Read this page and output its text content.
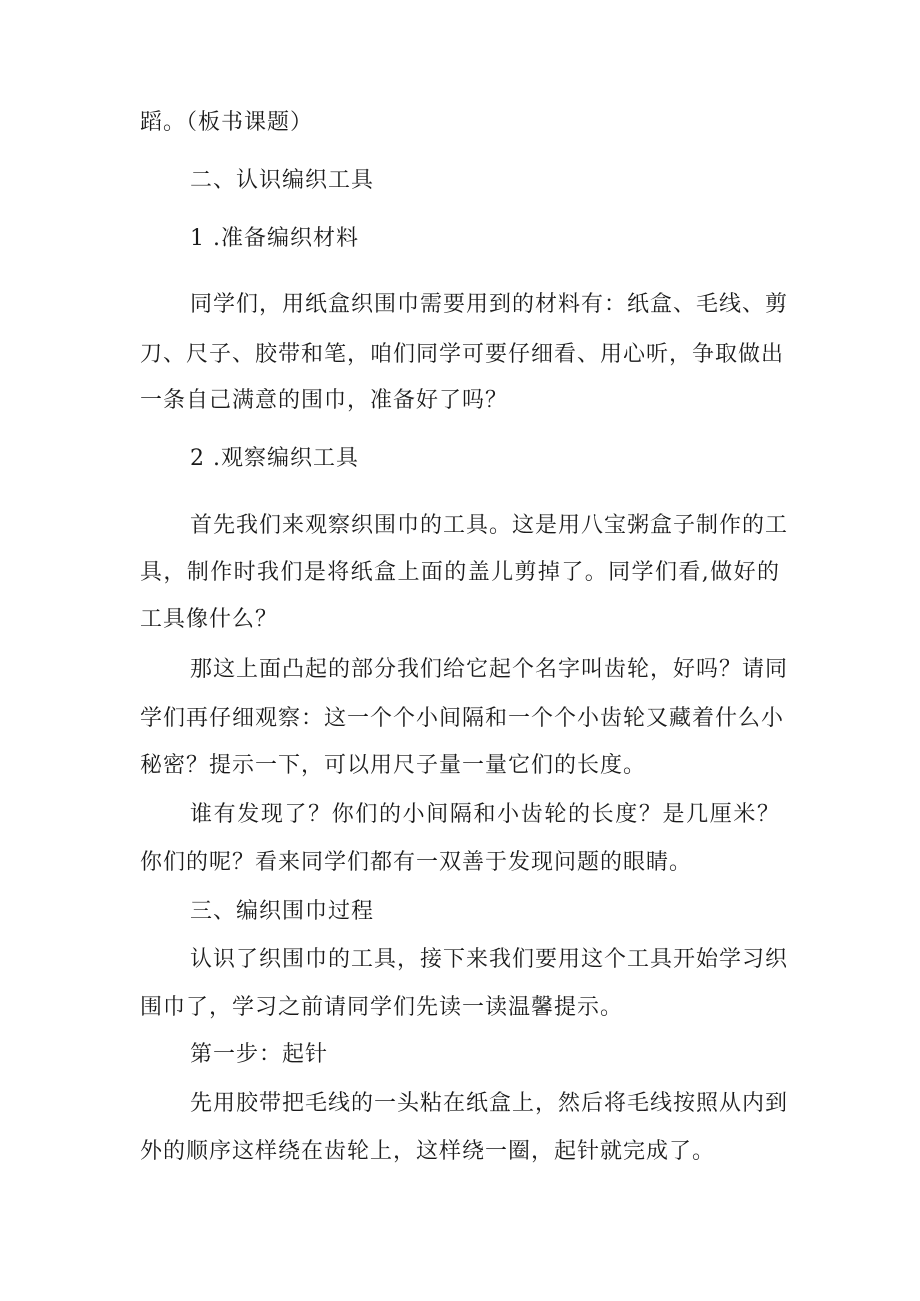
蹈。（板书课题）
二、认识编织工具
1 .准备编织材料
同学们，用纸盒织围巾需要用到的材料有：纸盒、毛线、剪
刀、尺子、胶带和笔，咱们同学可要仔细看、用心听，争取做出
一条自己满意的围巾，准备好了吗？
2 .观察编织工具
首先我们来观察织围巾的工具。这是用八宝粥盒子制作的工
具，制作时我们是将纸盒上面的盖儿剪掉了。同学们看,做好的
工具像什么？
那这上面凸起的部分我们给它起个名字叫齿轮，好吗？请同
学们再仔细观察：这一个个小间隔和一个个小齿轮又藏着什么小
秘密？提示一下，可以用尺子量一量它们的长度。
谁有发现了？你们的小间隔和小齿轮的长度？是几厘米？
你们的呢？看来同学们都有一双善于发现问题的眼睛。
三、编织围巾过程
认识了织围巾的工具，接下来我们要用这个工具开始学习织
围巾了，学习之前请同学们先读一读温馨提示。
第一步：起针
先用胶带把毛线的一头粘在纸盒上，然后将毛线按照从内到
外的顺序这样绕在齿轮上，这样绕一圈，起针就完成了。
